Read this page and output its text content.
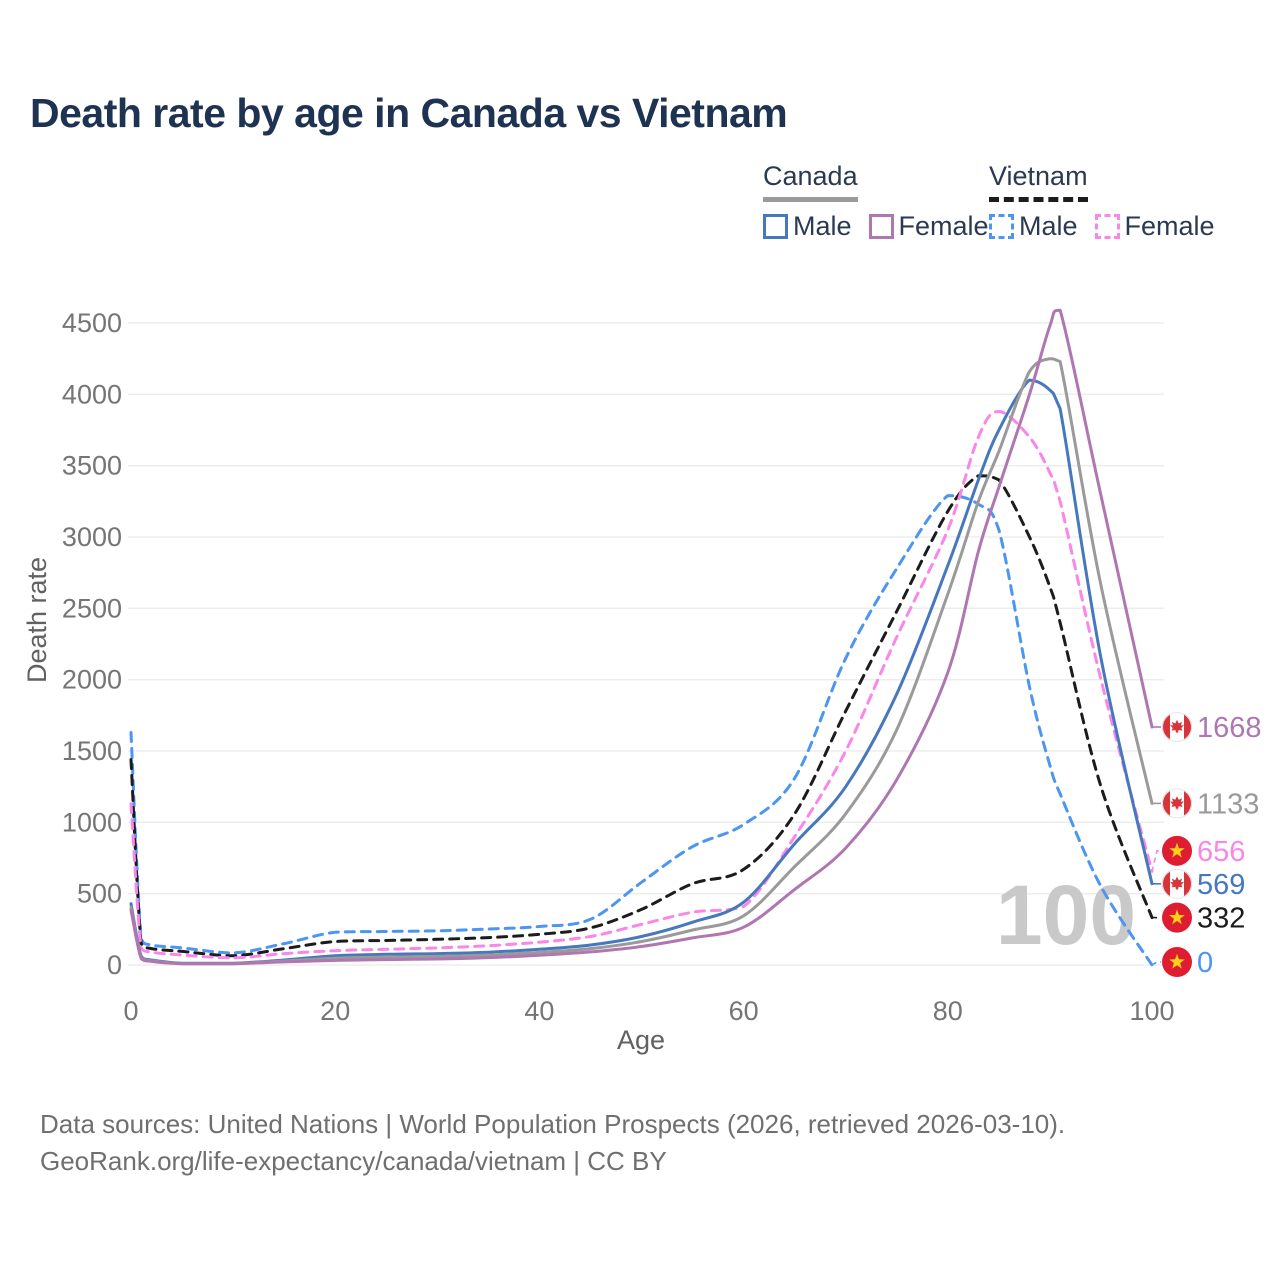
0
500
1000
1500
2000
2500
3000
3500
4000
4500
0	20	40	60	80	100
Death rate
Age
100
1668
1133
656
569
332
0
Death rate by age in Canada vs Vietnam
Canada
Male Female
Vietnam
Male Female
Data sources: United Nations | World Population Prospects (2026, retrieved 2026-03-10).
GeoRank.org/life-expectancy/canada/vietnam | CC BY
